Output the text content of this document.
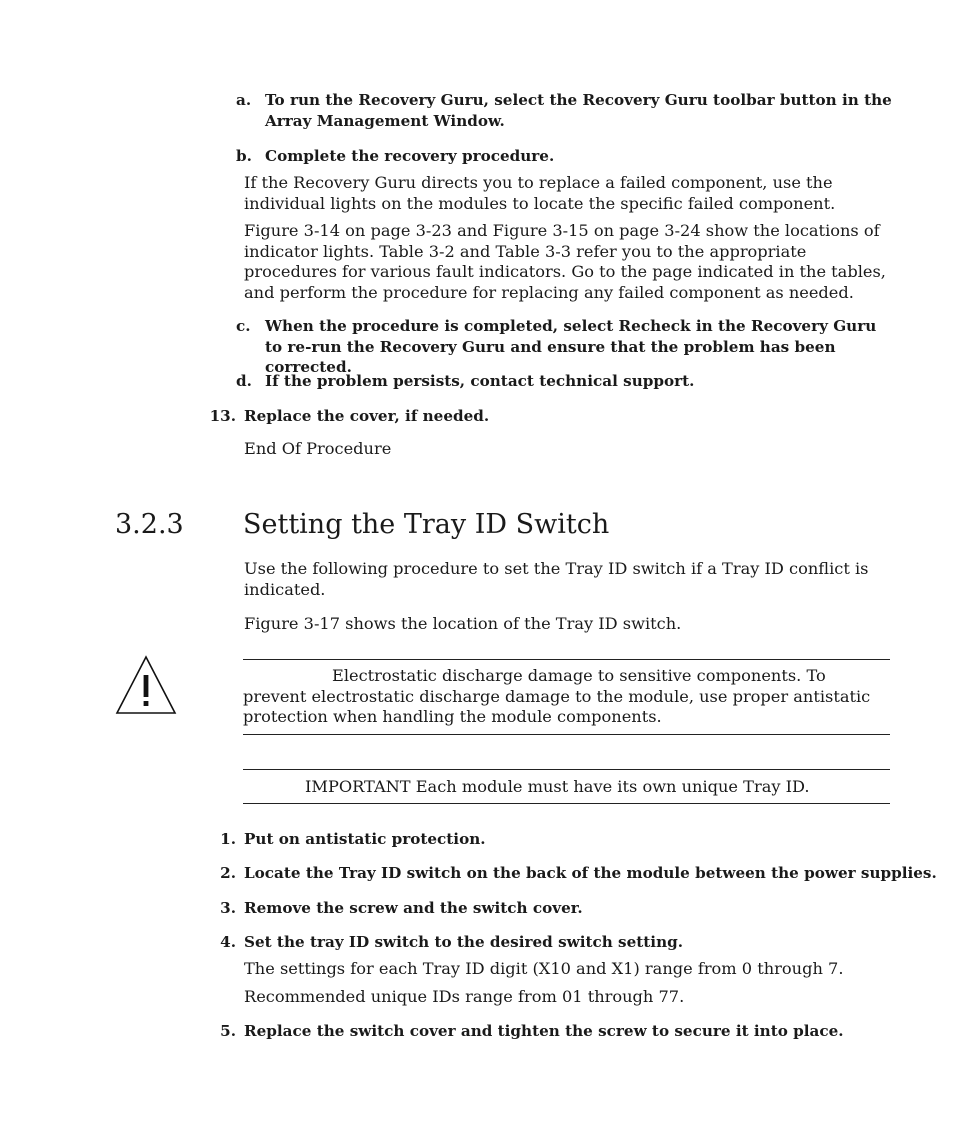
a. To run the Recovery Guru, select the Recovery Guru toolbar button in the Array Management Window.

b. Complete the recovery procedure.

If the Recovery Guru directs you to replace a failed component, use the individual lights on the modules to locate the specific failed component.

Figure 3-14 on page 3-23 and Figure 3-15 on page 3-24 show the locations of indicator lights. Table 3-2 and Table 3-3 refer you to the appropriate procedures for various fault indicators. Go to the page indicated in the tables, and perform the procedure for replacing any failed component as needed.

c. When the procedure is completed, select Recheck in the Recovery Guru to re-run the Recovery Guru and ensure that the problem has been corrected.

d. If the problem persists, contact technical support.

13. Replace the cover, if needed.

End Of Procedure

3.2.3 Setting the Tray ID Switch

Use the following procedure to set the Tray ID switch if a Tray ID conflict is indicated.

Figure 3-17 shows the location of the Tray ID switch.

Electrostatic discharge damage to sensitive components. To prevent electrostatic discharge damage to the module, use proper antistatic protection when handling the module components.

IMPORTANT Each module must have its own unique Tray ID.

1. Put on antistatic protection.

2. Locate the Tray ID switch on the back of the module between the power supplies.

3. Remove the screw and the switch cover.

4. Set the tray ID switch to the desired switch setting.

The settings for each Tray ID digit (X10 and X1) range from 0 through 7.

Recommended unique IDs range from 01 through 77.

5. Replace the switch cover and tighten the screw to secure it into place.
